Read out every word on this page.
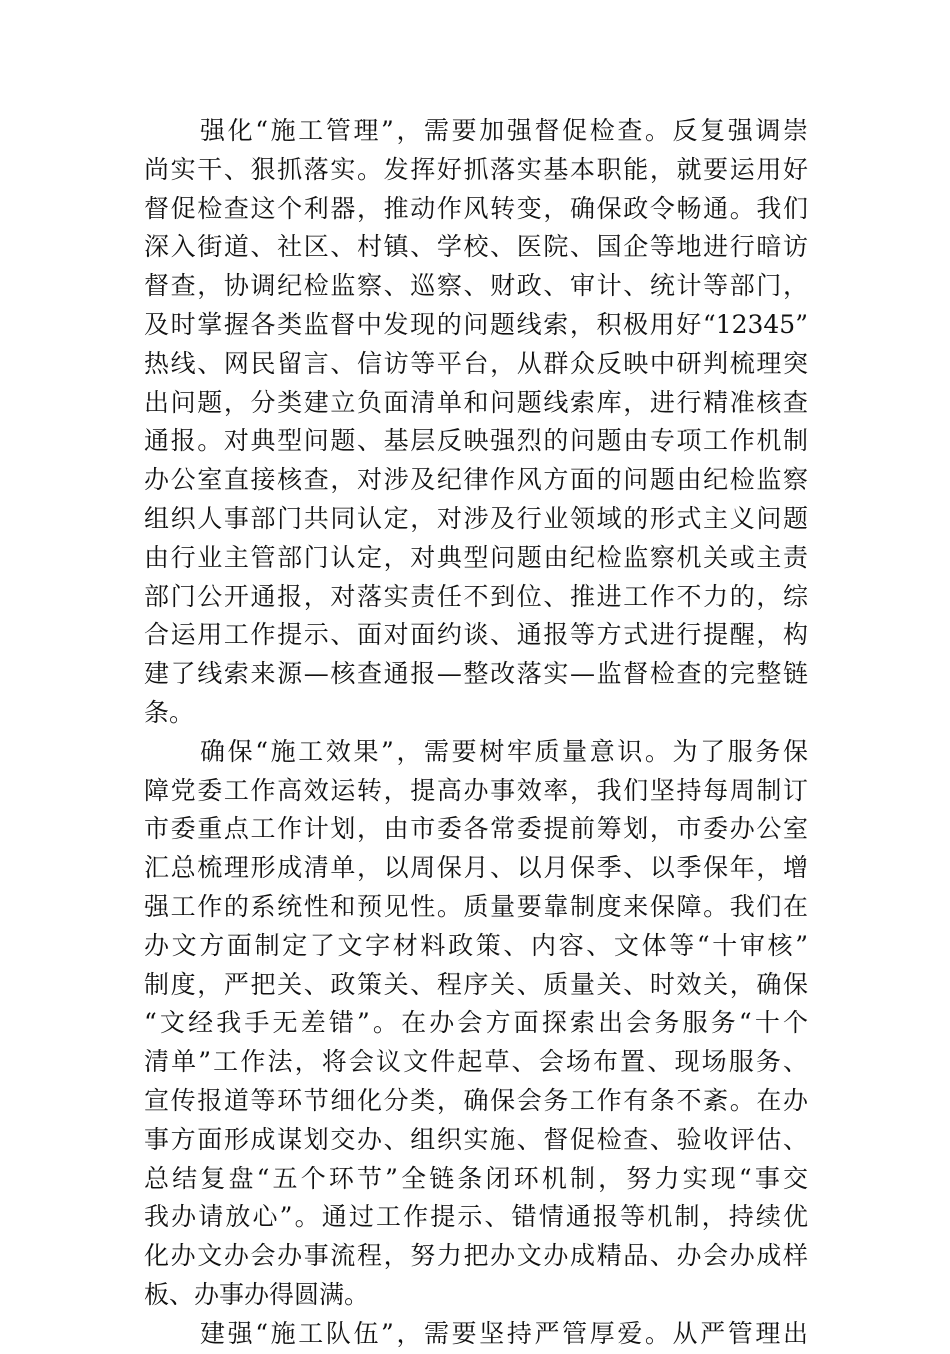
强化“施工管理”，需要加强督促检查。反复强调崇
尚实干、狠抓落实。发挥好抓落实基本职能，就要运用好
督促检查这个利器，推动作风转变，确保政令畅通。我们
深入街道、社区、村镇、学校、医院、国企等地进行暗访
督查，协调纪检监察、巡察、财政、审计、统计等部门，
及时掌握各类监督中发现的问题线索，积极用好“12345”
热线、网民留言、信访等平台，从群众反映中研判梳理突
出问题，分类建立负面清单和问题线索库，进行精准核查
通报。对典型问题、基层反映强烈的问题由专项工作机制
办公室直接核查，对涉及纪律作风方面的问题由纪检监察
组织人事部门共同认定，对涉及行业领域的形式主义问题
由行业主管部门认定，对典型问题由纪检监察机关或主责
部门公开通报，对落实责任不到位、推进工作不力的，综
合运用工作提示、面对面约谈、通报等方式进行提醒，构
建了线索来源—核查通报—整改落实—监督检查的完整链
条。
确保“施工效果”，需要树牢质量意识。为了服务保
障党委工作高效运转，提高办事效率，我们坚持每周制订
市委重点工作计划，由市委各常委提前筹划，市委办公室
汇总梳理形成清单，以周保月、以月保季、以季保年，增
强工作的系统性和预见性。质量要靠制度来保障。我们在
办文方面制定了文字材料政策、内容、文体等“十审核”
制度，严把关、政策关、程序关、质量关、时效关，确保
“文经我手无差错”。在办会方面探索出会务服务“十个
清单”工作法，将会议文件起草、会场布置、现场服务、
宣传报道等环节细化分类，确保会务工作有条不紊。在办
事方面形成谋划交办、组织实施、督促检查、验收评估、
总结复盘“五个环节”全链条闭环机制，努力实现“事交
我办请放心”。通过工作提示、错情通报等机制，持续优
化办文办会办事流程，努力把办文办成精品、办会办成样
板、办事办得圆满。
建强“施工队伍”，需要坚持严管厚爱。从严管理出
